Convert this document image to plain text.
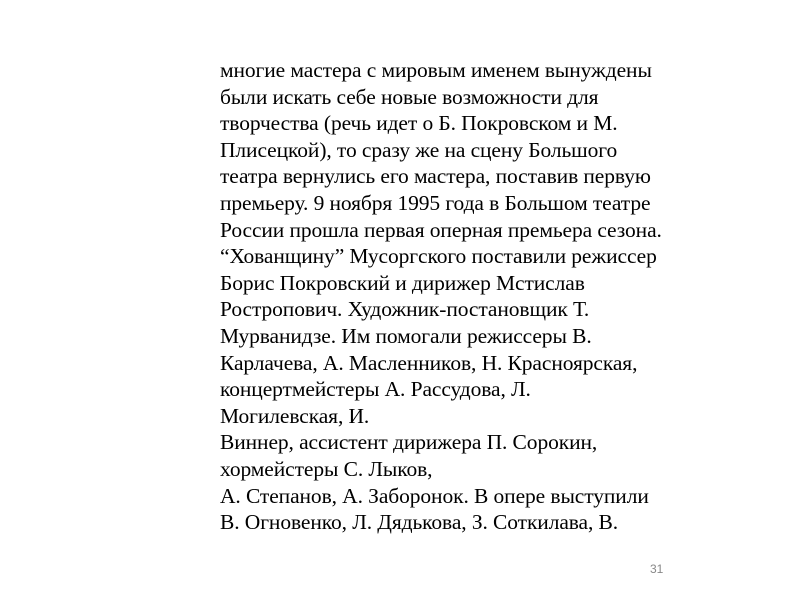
многие мастера с мировым именем вынуждены
были искать себе новые возможности для
творчества (речь идет о Б. Покровском и М.
Плисецкой), то сразу же на сцену Большого
театра вернулись его мастера, поставив первую
премьеру. 9 ноября 1995 года в Большом театре
России прошла первая оперная премьера сезона.
“Хованщину” Мусоргского поставили режиссер
Борис Покровский и дирижер Мстислав
Ростропович. Художник-постановщик Т.
Мурванидзе. Им помогали режиссеры В.
Карлачева, А. Масленников, Н. Красноярская,
концертмейстеры А. Рассудова, Л.
Могилевская, И.
Виннер, ассистент дирижера П. Сорокин,
хормейстеры С. Лыков,
А. Степанов, А. Заборонок. В опере выступили
В. Огновенко, Л. Дядькова, З. Соткилава, В.
31
